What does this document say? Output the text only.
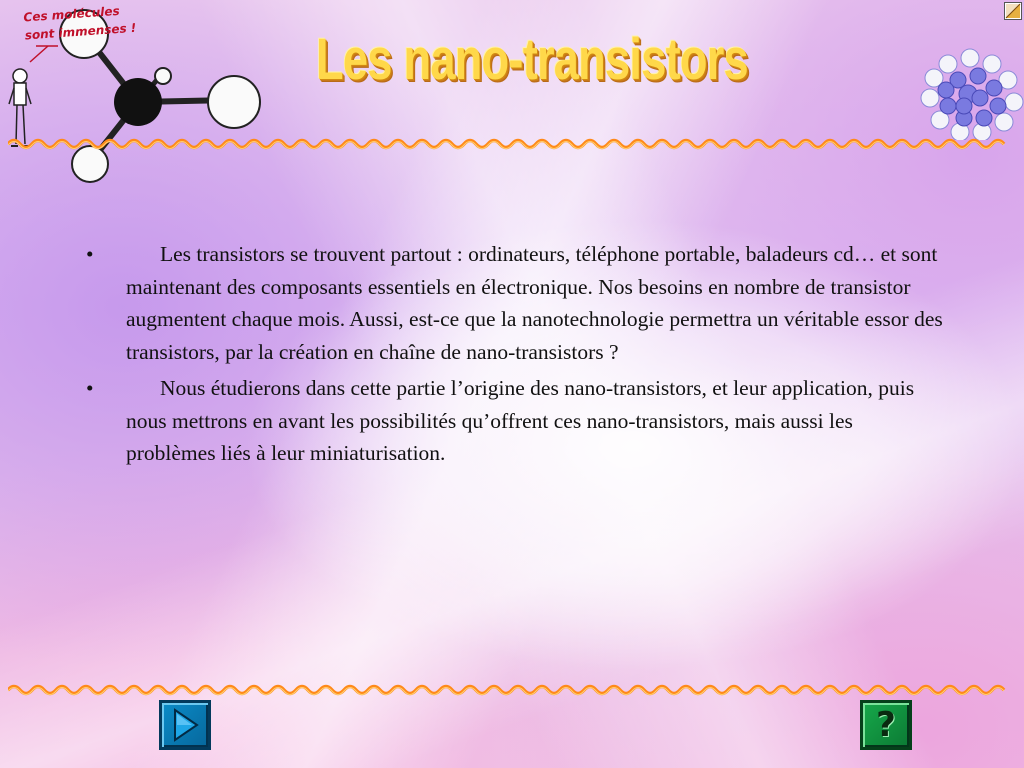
Ces molécules
sont immenses !	Les nano-transistors
•	Les transistors se trouvent partout : ordinateurs, téléphone portable, baladeurs cd… et sont maintenant des composants essentiels en électronique. Nos besoins en nombre de transistor augmentent chaque mois. Aussi, est-ce que la nanotechnologie permettra un véritable essor des transistors, par la création en chaîne de nano-transistors ?
•	Nous étudierons dans cette partie l’origine des nano-transistors, et leur application, puis nous mettrons en avant les possibilités qu’offrent ces nano-transistors, mais aussi les problèmes liés à leur miniaturisation.
?
